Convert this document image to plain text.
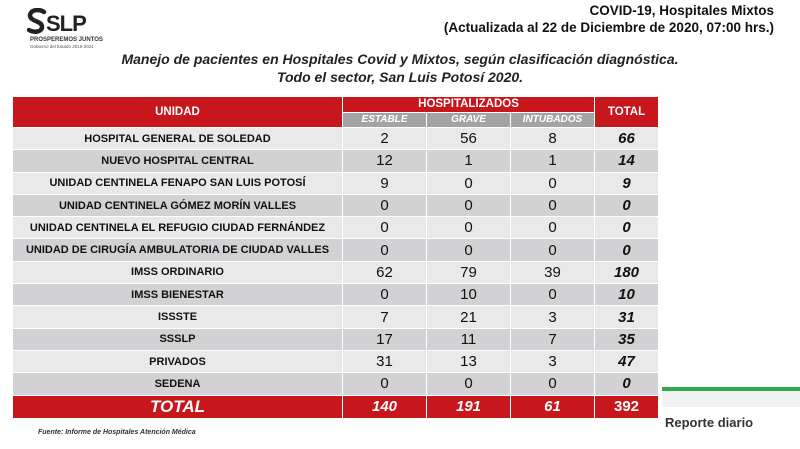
SLP
PROSPEREMOS JUNTOS
Gobierno del Estado 2015-2021
COVID-19, Hospitales Mixtos
(Actualizada al 22 de Diciembre de 2020, 07:00 hrs.)
Manejo de pacientes en Hospitales Covid y Mixtos, según clasificación diagnóstica.
Todo el sector, San Luis Potosí 2020.
UNIDAD	HOSPITALIZADOS			TOTAL
	ESTABLE	GRAVE	INTUBADOS	
HOSPITAL GENERAL DE SOLEDAD	2	56	8	66
NUEVO HOSPITAL CENTRAL	12	1	1	14
UNIDAD CENTINELA FENAPO SAN LUIS POTOSÍ	9	0	0	9
UNIDAD CENTINELA GÓMEZ MORÍN VALLES	0	0	0	0
UNIDAD CENTINELA EL REFUGIO CIUDAD FERNÁNDEZ	0	0	0	0
UNIDAD DE CIRUGÍA AMBULATORIA DE CIUDAD VALLES	0	0	0	0
IMSS ORDINARIO	62	79	39	180
IMSS BIENESTAR	0	10	0	10
ISSSTE	7	21	3	31
SSSLP	17	11	7	35
PRIVADOS	31	13	3	47
SEDENA	0	0	0	0
TOTAL	140	191	61	392
Reporte diario
Fuente: Informe de Hospitales Atención Médica
